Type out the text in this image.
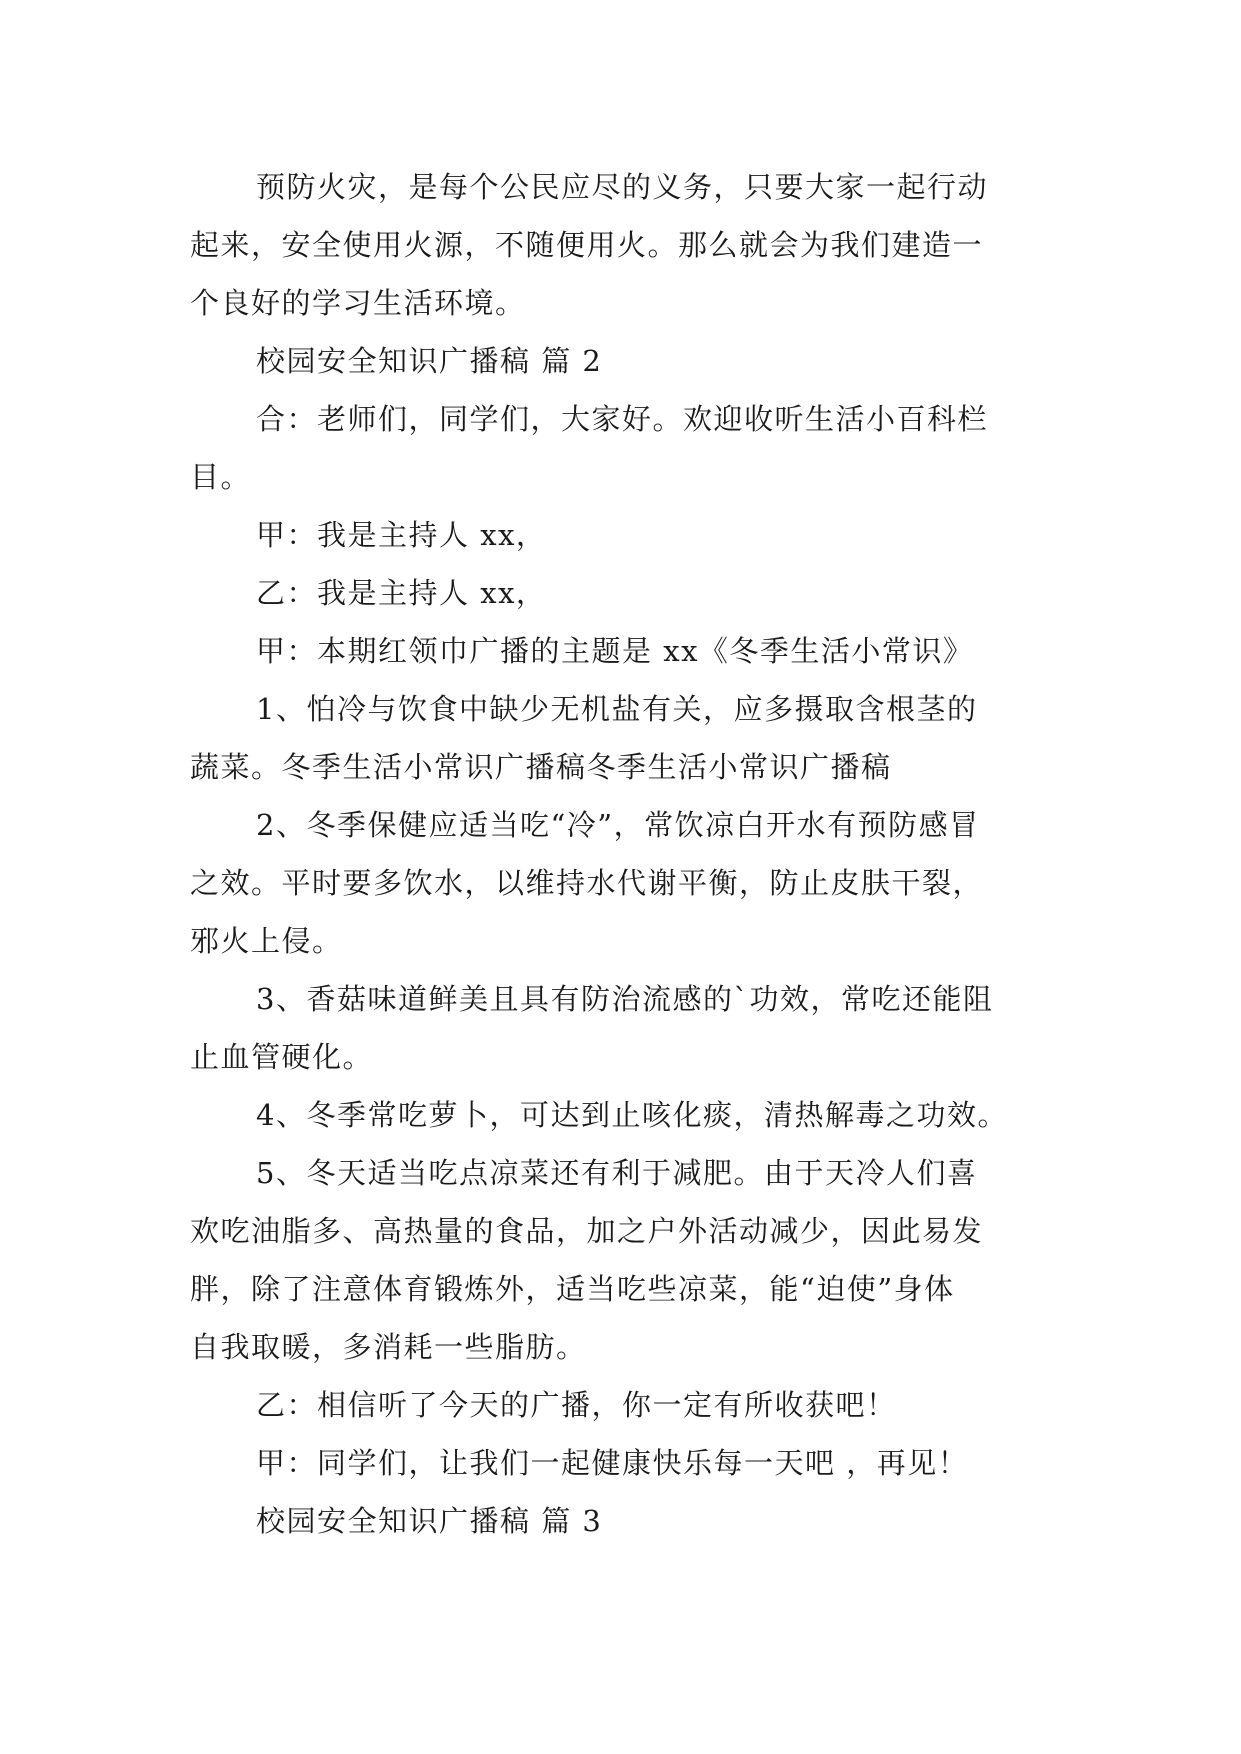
预防火灾，是每个公民应尽的义务，只要大家一起行动
起来，安全使用火源，不随便用火。那么就会为我们建造一
个良好的学习生活环境。
校园安全知识广播稿 篇 2
合：老师们，同学们，大家好。欢迎收听生活小百科栏
目。
甲：我是主持人 xx，
乙：我是主持人 xx，
甲：本期红领巾广播的主题是 xx《冬季生活小常识》
1、怕冷与饮食中缺少无机盐有关，应多摄取含根茎的
蔬菜。冬季生活小常识广播稿冬季生活小常识广播稿
2、冬季保健应适当吃“冷”，常饮凉白开水有预防感冒
之效。平时要多饮水，以维持水代谢平衡，防止皮肤干裂，
邪火上侵。
3、香菇味道鲜美且具有防治流感的`功效，常吃还能阻
止血管硬化。
4、冬季常吃萝卜，可达到止咳化痰，清热解毒之功效。
5、冬天适当吃点凉菜还有利于减肥。由于天冷人们喜
欢吃油脂多、高热量的食品，加之户外活动减少，因此易发
胖，除了注意体育锻炼外，适当吃些凉菜，能“迫使”身体
自我取暖，多消耗一些脂肪。
乙：相信听了今天的广播，你一定有所收获吧！
甲：同学们，让我们一起健康快乐每一天吧 ，再见！
校园安全知识广播稿 篇 3
